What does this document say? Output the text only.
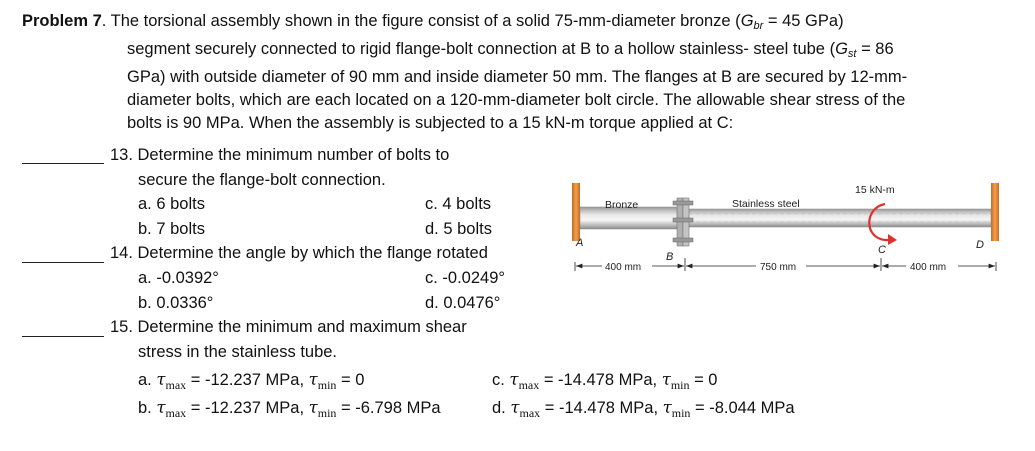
Problem 7. The torsional assembly shown in the figure consist of a solid 75-mm-diameter bronze ($G_{br} = 45$ GPa)
segment securely connected to rigid flange-bolt connection at B to a hollow stainless- steel tube ($G_{st} = 86$
GPa) with outside diameter of 90 mm and inside diameter 50 mm. The flanges at B are secured by 12-mm-
diameter bolts, which are each located on a 120-mm-diameter bolt circle. The allowable shear stress of the
bolts is 90 MPa. When the assembly is subjected to a 15 kN-m torque applied at C:
13. Determine the minimum number of bolts to
secure the flange-bolt connection.
a. 6 bolts	c. 4 bolts
b. 7 bolts	d. 5 bolts
14. Determine the angle by which the flange rotated
a. -0.0392°	c. -0.0249°
b. 0.0336°	d. 0.0476°
15. Determine the minimum and maximum shear
stress in the stainless tube.
a. $\tau_{max} = -12.237$ MPa, $\tau_{min} = 0$
b. $\tau_{max} = -12.237$ MPa, $\tau_{min} = -6.798$ MPa
c. $\tau_{max} = -14.478$ MPa, $\tau_{min} = 0$
d. $\tau_{max} = -14.478$ MPa, $\tau_{min} = -8.044$ MPa
Bronze	Stainless steel
15 kN-m
A
B
C	D
400 mm	750 mm	400 mm
